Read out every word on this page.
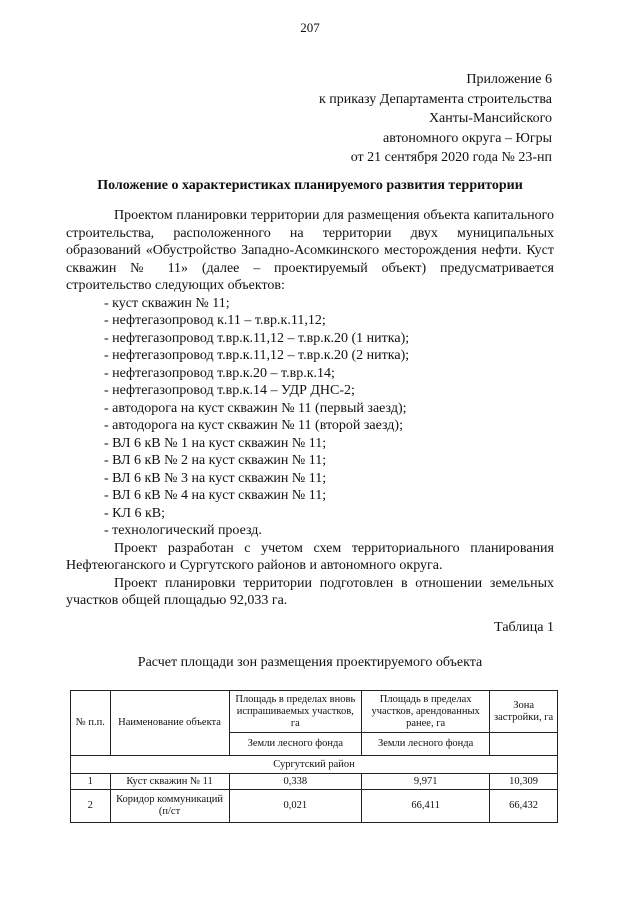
207
Приложение 6
к приказу Департамента строительства
Ханты-Мансийского
автономного округа – Югры
от 21 сентября 2020 года № 23-нп
Положение о характеристиках планируемого развития территории

Проектом планировки территории для размещения объекта капитального строительства, расположенного на территории двух муниципальных образований «Обустройство Западно-Асомкинского месторождения нефти. Куст скважин № 11» (далее – проектируемый объект) предусматривается строительство следующих объектов:

- куст скважин № 11;
- нефтегазопровод к.11 – т.вр.к.11,12;
- нефтегазопровод т.вр.к.11,12 – т.вр.к.20 (1 нитка);
- нефтегазопровод т.вр.к.11,12 – т.вр.к.20 (2 нитка);
- нефтегазопровод т.вр.к.20 – т.вр.к.14;
- нефтегазопровод т.вр.к.14 – УДР ДНС-2;
- автодорога на куст скважин № 11 (первый заезд);
- автодорога на куст скважин № 11 (второй заезд);
- ВЛ 6 кВ № 1 на куст скважин № 11;
- ВЛ 6 кВ № 2 на куст скважин № 11;
- ВЛ 6 кВ № 3 на куст скважин № 11;
- ВЛ 6 кВ № 4 на куст скважин № 11;
- КЛ 6 кВ;
- технологический проезд.

Проект разработан с учетом схем территориального планирования Нефтеюганского и Сургутского районов и автономного округа.

Проект планировки территории подготовлен в отношении земельных участков общей площадью 92,033 га.

Таблица 1
Расчет площади зон размещения проектируемого объекта
№ п.п.	Наименование объекта	Площадь в пределах вновь испрашиваемых участков, га	Площадь в пределах участков, арендованных ранее, га	Зона застройки, га
		Земли лесного фонда	Земли лесного фонда	
Сургутский район				
1	Куст скважин № 11	0,338	9,971	10,309
2	Коридор коммуникаций (п/ст	0,021	66,411	66,432
